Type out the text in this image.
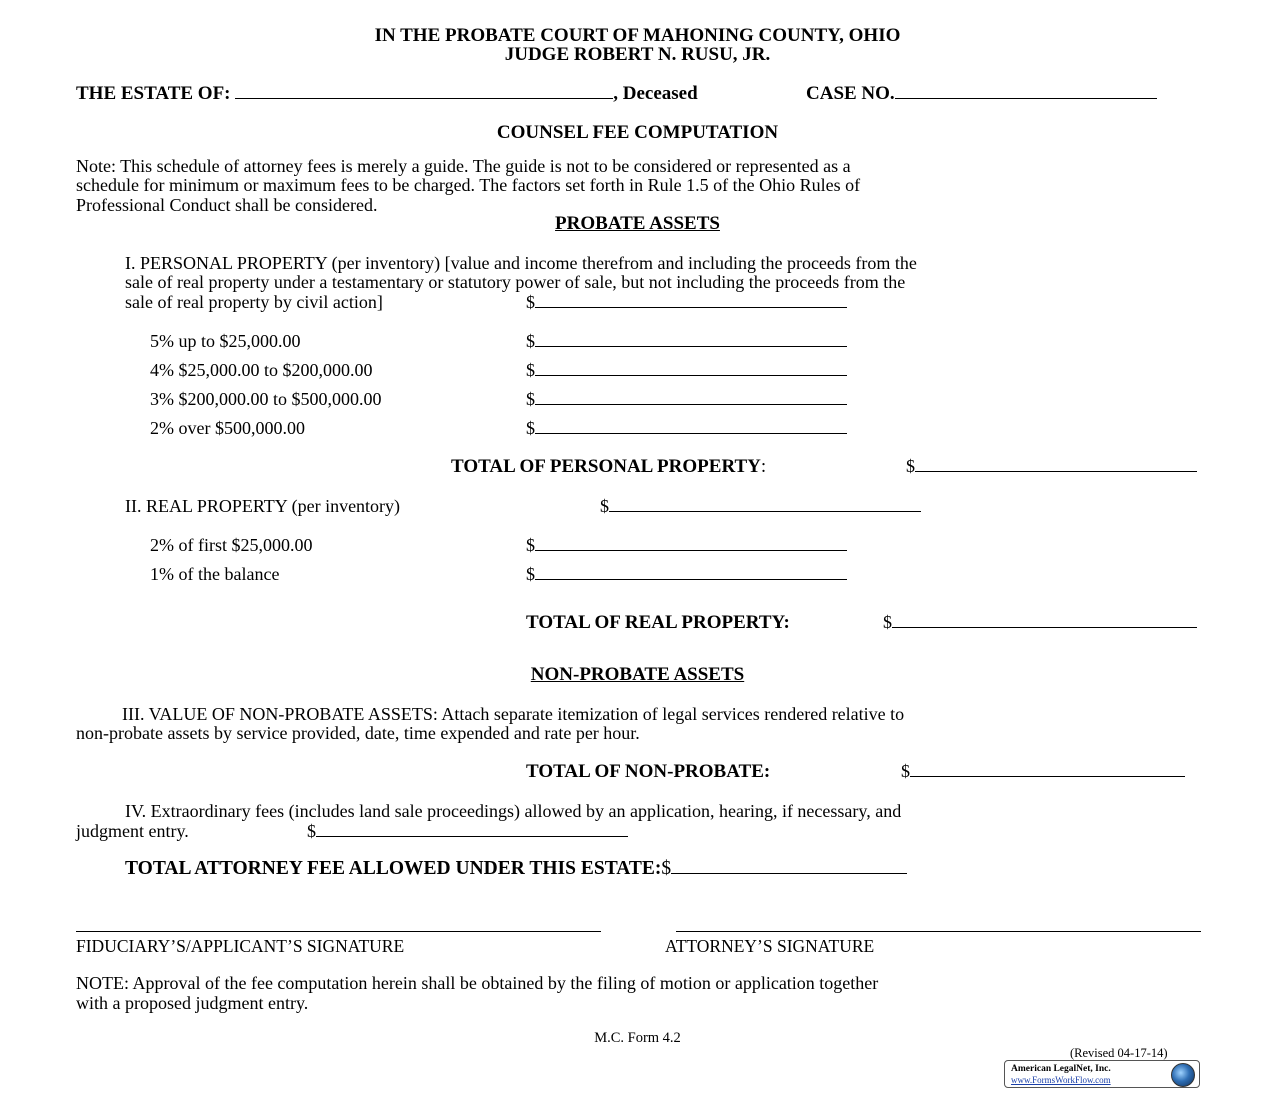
IN THE PROBATE COURT OF MAHONING COUNTY, OHIO
JUDGE ROBERT N. RUSU, JR.
THE ESTATE OF:	, Deceased	CASE NO.
COUNSEL FEE COMPUTATION
Note: This schedule of attorney fees is merely a guide. The guide is not to be considered or represented as a
schedule for minimum or maximum fees to be charged. The factors set forth in Rule 1.5 of the Ohio Rules of
Professional Conduct shall be considered.
PROBATE ASSETS
I. PERSONAL PROPERTY (per inventory) [value and income therefrom and including the proceeds from the
sale of real property under a testamentary or statutory power of sale, but not including the proceeds from the
sale of real property by civil action]	$
5% up to $25,000.00	$
4% $25,000.00 to $200,000.00	$
3% $200,000.00 to $500,000.00	$
2% over $500,000.00	$
TOTAL OF PERSONAL PROPERTY:	$
II. REAL PROPERTY (per inventory)	$
2% of first $25,000.00	$
1% of the balance	$
TOTAL OF REAL PROPERTY:	$
NON-PROBATE ASSETS
III. VALUE OF NON-PROBATE ASSETS: Attach separate itemization of legal services rendered relative to
non-probate assets by service provided, date, time expended and rate per hour.
TOTAL OF NON-PROBATE:	$
IV. Extraordinary fees (includes land sale proceedings) allowed by an application, hearing, if necessary, and
judgment entry.	$
TOTAL ATTORNEY FEE ALLOWED UNDER THIS ESTATE:$
FIDUCIARY’S/APPLICANT’S SIGNATURE	ATTORNEY’S SIGNATURE
NOTE: Approval of the fee computation herein shall be obtained by the filing of motion or application together
with a proposed judgment entry.
M.C. Form 4.2
(Revised 04-17-14)
American LegalNet, Inc.
www.FormsWorkFlow.com
